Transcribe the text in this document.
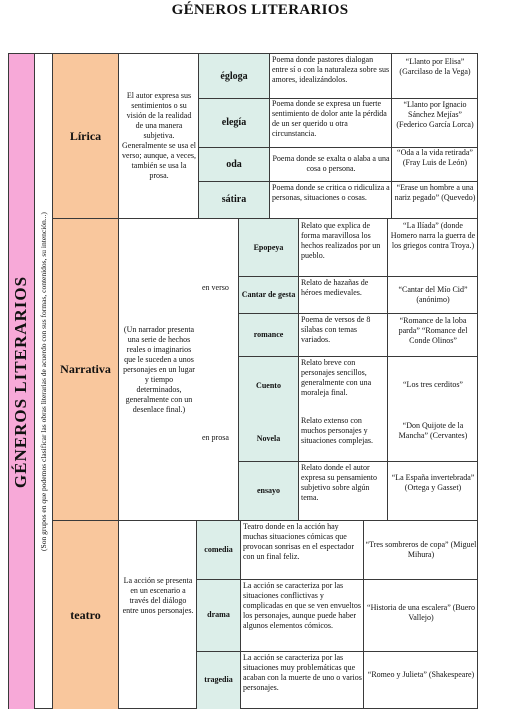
GÉNEROS LITERARIOS
GÉNEROS LITERARIOS (Son grupos en que podemos clasificar las obras literarias de acuerdo con sus formas, contenidos, su intención...)
Lírica
El autor expresa sus sentimientos o su visión de la realidad de una manera subjetiva. Generalmente se usa el verso; aunque, a veces, también se usa la prosa.
égloga
Poema donde pastores dialogan entre sí o con la naturaleza sobre sus amores, idealizándolos.
“Llanto por Elisa” (Garcilaso de la Vega)
elegía
Poema donde se expresa un fuerte sentimiento de dolor ante la pérdida de un ser querido u otra circunstancia.
“Llanto por Ignacio Sánchez Mejías” (Federico García Lorca)
oda	Poema donde se exalta o alaba a una cosa o persona.
“Oda a la vida retirada” (Fray Luis de León)
sátira
Poema donde se critica o ridiculiza a personas, situaciones o cosas.
“Erase un hombre a una nariz pegado” (Quevedo)
Narrativa
(Un narrador presenta una serie de hechos reales o imaginarios que le suceden a unos personajes en un lugar y tiempo determinados, generalmente con un desenlace final.)
en verso
en prosa
Epopeya
Relato que explica de forma maravillosa los hechos realizados por un pueblo.
“La Ilíada” (donde Homero narra la guerra de los griegos contra Troya.)
Cantar de gesta
Relato de hazañas de héroes medievales.	“Cantar del Mío Cid” (anónimo)
romance
Poema de versos de 8 sílabas con temas variados.
“Romance de la loba parda” “Romance del Conde Olinos”
Cuento
Relato breve con personajes sencillos, generalmente con una moraleja final.
“Los tres cerditos”
Novela
Relato extenso con muchos personajes y situaciones complejas.
“Don Quijote de la Mancha” (Cervantes)
ensayo
Relato donde el autor expresa su pensamiento subjetivo sobre algún tema.
“La España invertebrada” (Ortega y Gasset)
teatro
La acción se presenta en un escenario a través del diálogo entre unos personajes.
comedia
Teatro donde en la acción hay muchas situaciones cómicas que provocan sonrisas en el espectador con un final feliz.
“Tres sombreros de copa” (Miguel Mihura)
drama
La acción se caracteriza por las situaciones conflictivas y complicadas en que se ven envueltos los personajes, aunque puede haber algunos elementos cómicos.
“Historia de una escalera” (Buero Vallejo)
tragedia
La acción se caracteriza por las situaciones muy problemáticas que acaban con la muerte de uno o varios personajes.
“Romeo y Julieta” (Shakespeare)
